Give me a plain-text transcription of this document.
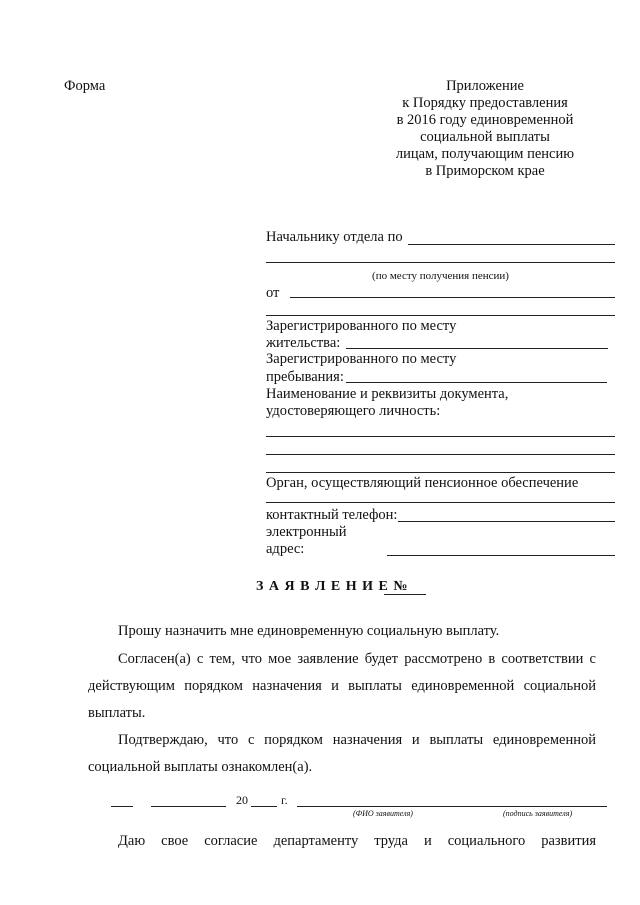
Форма	Приложение
к Порядку предоставления
в 2016 году единовременной
социальной выплаты
лицам, получающим пенсию
в Приморском крае
Начальнику отдела по
(по месту получения пенсии)
от
Зарегистрированного по месту
жительства:
Зарегистрированного по месту
пребывания:
Наименование и реквизиты документа,
удостоверяющего личность:
Орган, осуществляющий пенсионное обеспечение
контактный телефон:
электронный
адрес:
З А Я В Л Е Н И Е №
Прошу назначить мне единовременную социальную выплату.
Согласен(а) с тем, что мое заявление будет рассмотрено в соответствии с
действующим порядком назначения и выплаты единовременной социальной
выплаты.
Подтверждаю, что с порядком назначения и выплаты единовременной
социальной выплаты ознакомлен(а).
20	г.
(ФИО заявителя)	(подпись заявителя)
Даю свое согласие департаменту труда и социального развития
